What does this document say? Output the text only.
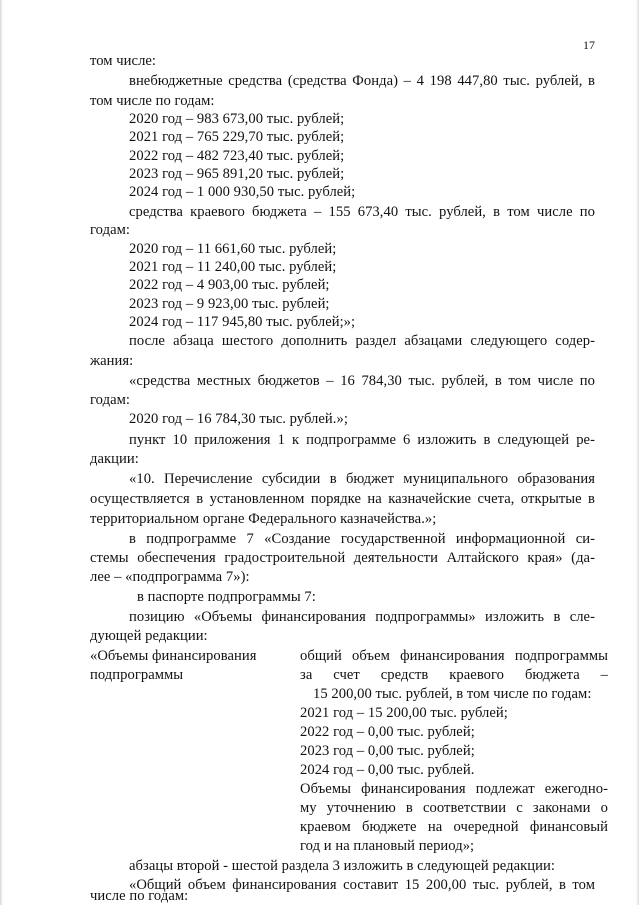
17
том числе:
внебюджетные средства (средства Фонда) – 4 198 447,80 тыс. рублей, в
том числе по годам:
2020 год – 983 673,00 тыс. рублей;
2021 год – 765 229,70 тыс. рублей;
2022 год – 482 723,40 тыс. рублей;
2023 год – 965 891,20 тыс. рублей;
2024 год – 1 000 930,50 тыс. рублей;
средства краевого бюджета – 155 673,40 тыс. рублей, в том числе по
годам:
2020 год – 11 661,60 тыс. рублей;
2021 год – 11 240,00 тыс. рублей;
2022 год – 4 903,00 тыс. рублей;
2023 год – 9 923,00 тыс. рублей;
2024 год – 117 945,80 тыс. рублей;»;
после абзаца шестого дополнить раздел абзацами следующего содер-
жания:
«средства местных бюджетов – 16 784,30 тыс. рублей, в том числе по
годам:
2020 год – 16 784,30 тыс. рублей.»;
пункт 10 приложения 1 к подпрограмме 6 изложить в следующей ре-
дакции:
«10. Перечисление субсидии в бюджет муниципального образования
осуществляется в установленном порядке на казначейские счета, открытые в
территориальном органе Федерального казначейства.»;
в подпрограмме 7 «Создание государственной информационной си-
стемы обеспечения градостроительной деятельности Алтайского края» (да-
лее – «подпрограмма 7»):
в паспорте подпрограммы 7:
позицию «Объемы финансирования подпрограммы» изложить в сле-
дующей редакции:
«Объемы финансирования
подпрограммы
общий объем финансирования подпрограммы
за счет средств краевого бюджета –
15 200,00 тыс. рублей, в том числе по годам:
2021 год – 15 200,00 тыс. рублей;
2022 год – 0,00 тыс. рублей;
2023 год – 0,00 тыс. рублей;
2024 год – 0,00 тыс. рублей.
Объемы финансирования подлежат ежегодно-
му уточнению в соответствии с законами о
краевом бюджете на очередной финансовый
год и на плановый период»;
абзацы второй - шестой раздела 3 изложить в следующей редакции:
«Общий объем финансирования составит 15 200,00 тыс. рублей, в том
числе по годам:
